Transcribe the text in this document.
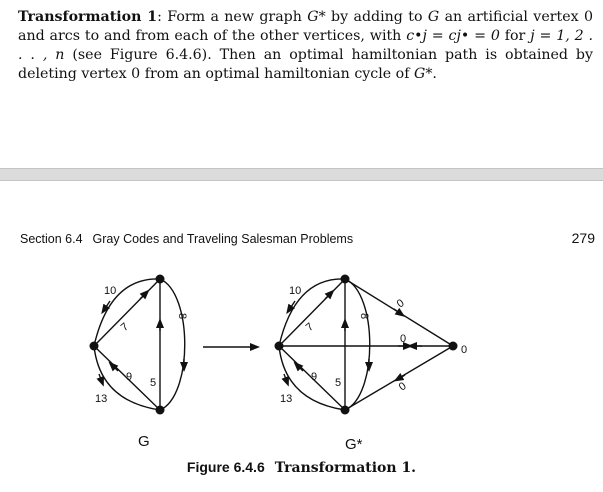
Transformation 1: Form a new graph G* by adding to G an artificial vertex 0 and arcs to and from each of the other vertices, with c•j = cj• = 0 for j = 1, 2 . . . , n (see Figure 6.4.6). Then an optimal hamiltonian path is obtained by deleting vertex 0 from an optimal hamiltonian cycle of G*.
Section 6.4 Gray Codes and Traveling Salesman Problems	279
10
7
8
9 5
13
G
10
7
8
9 5
13
0
0
0
0
G*
Figure 6.4.6 Transformation 1.
